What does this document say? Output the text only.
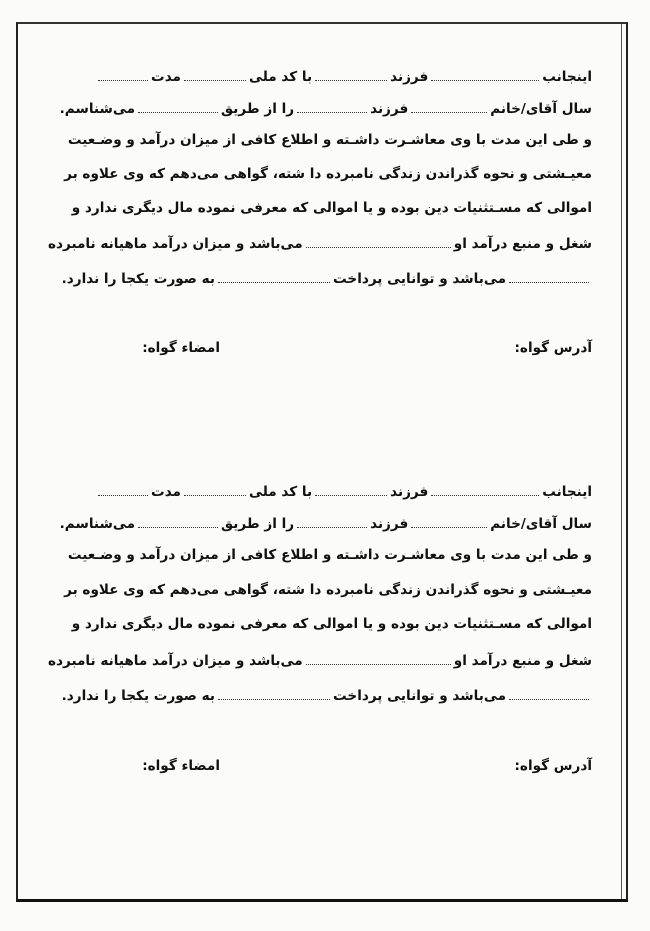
اینجانب
فرزند
با کد ملی
مدت
سال آقای/خانم
فرزند
را از طریق
می‌شناسم.
و طی این مدت با وی معاشـرت داشـته و اطلاع کافی از میزان درآمد و وضـعیت
معیـشتی و نحوه گذراندن زندگی نامبرده دا شته، گواهی می‌دهم که وی علاوه بر
اموالی که مسـتثنیات دین بوده و یا اموالی که معرفی نموده مال دیگری ندارد و
شغل و منبع درآمد او
می‌باشد و میزان درآمد ماهیانه نامبرده
می‌باشد و توانایی پرداخت
به صورت یکجا را ندارد.
آدرس گواه:
امضاء گواه:
اینجانب
فرزند
با کد ملی
مدت
سال آقای/خانم
فرزند
را از طریق
می‌شناسم.
و طی این مدت با وی معاشـرت داشـته و اطلاع کافی از میزان درآمد و وضـعیت
معیـشتی و نحوه گذراندن زندگی نامبرده دا شته، گواهی می‌دهم که وی علاوه بر
اموالی که مسـتثنیات دین بوده و یا اموالی که معرفی نموده مال دیگری ندارد و
شغل و منبع درآمد او
می‌باشد و میزان درآمد ماهیانه نامبرده
می‌باشد و توانایی پرداخت
به صورت یکجا را ندارد.
آدرس گواه:
امضاء گواه:
